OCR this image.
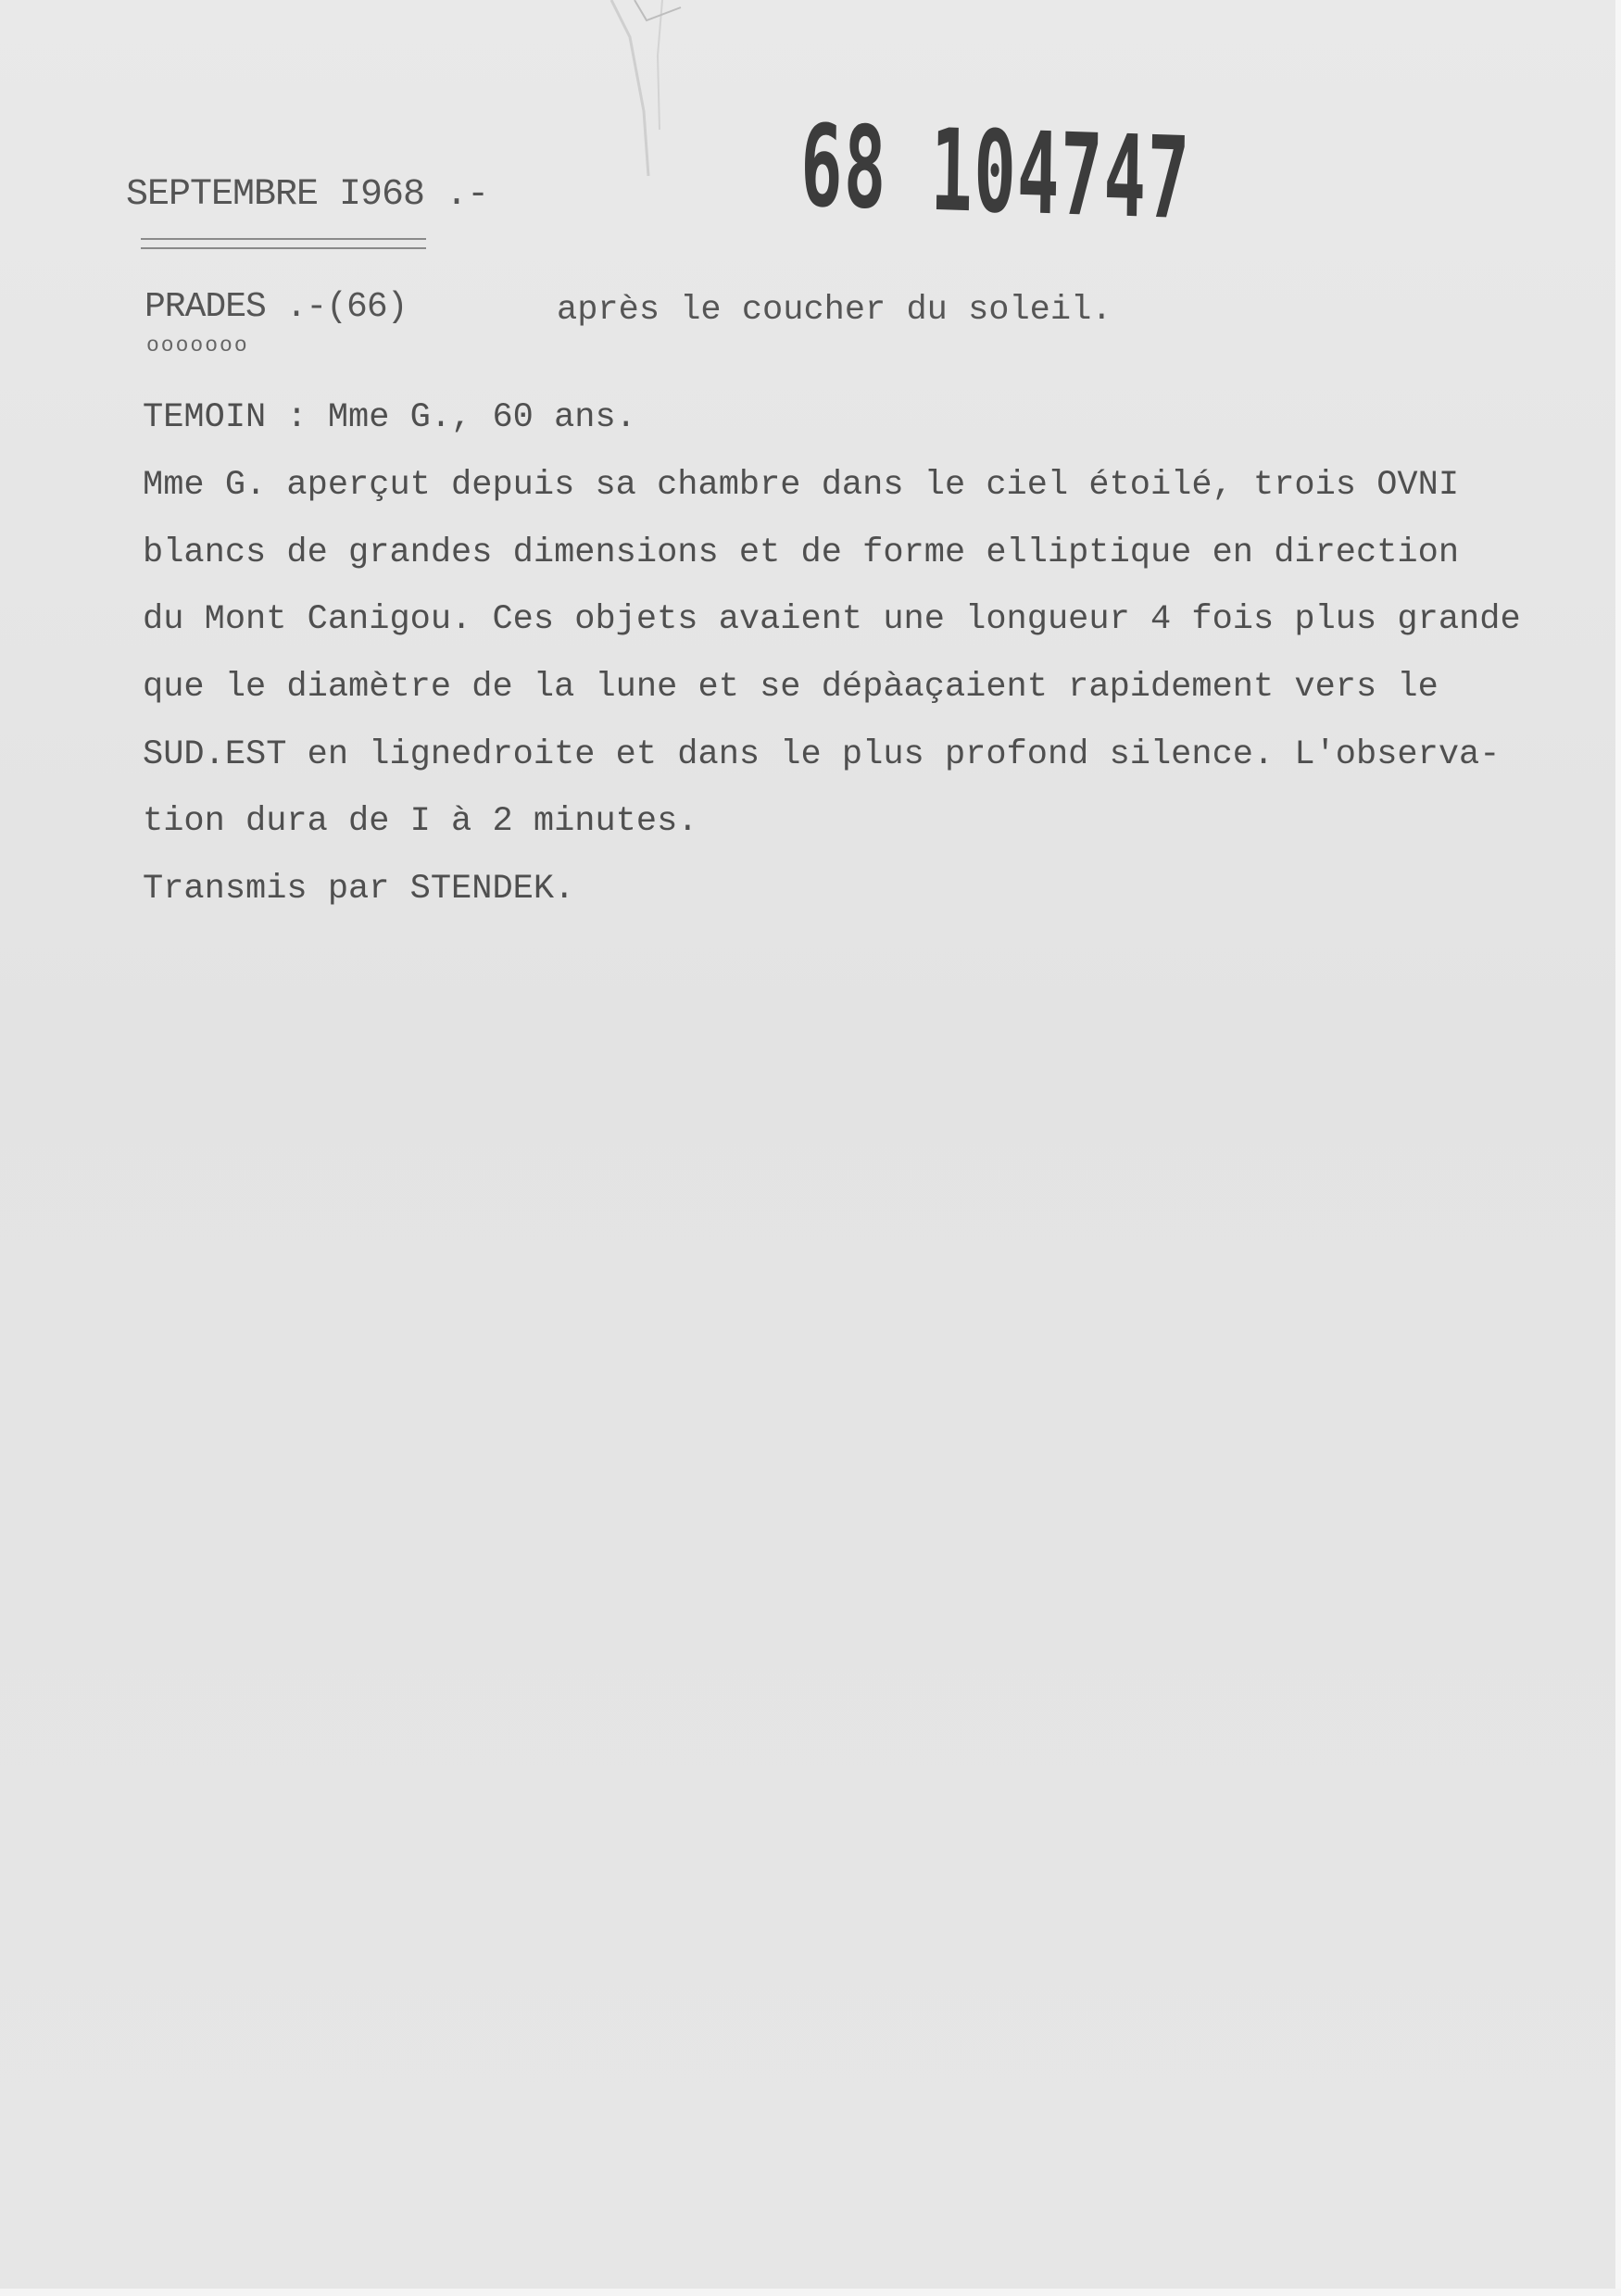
68 104747
SEPTEMBRE I968 .-
PRADES .-(66)
ooooooo
après le coucher du soleil.
TEMOIN : Mme G., 60 ans.
Mme G. aperçut depuis sa chambre dans le ciel étoilé, trois OVNI
blancs de grandes dimensions et de forme elliptique en direction
du Mont Canigou. Ces objets avaient une longueur 4 fois plus grande
que le diamètre de la lune et se dépàaçaient rapidement vers le
SUD.EST en lignedroite et dans le plus profond silence. L'observa-
tion dura de I à 2 minutes.
Transmis par STENDEK.
